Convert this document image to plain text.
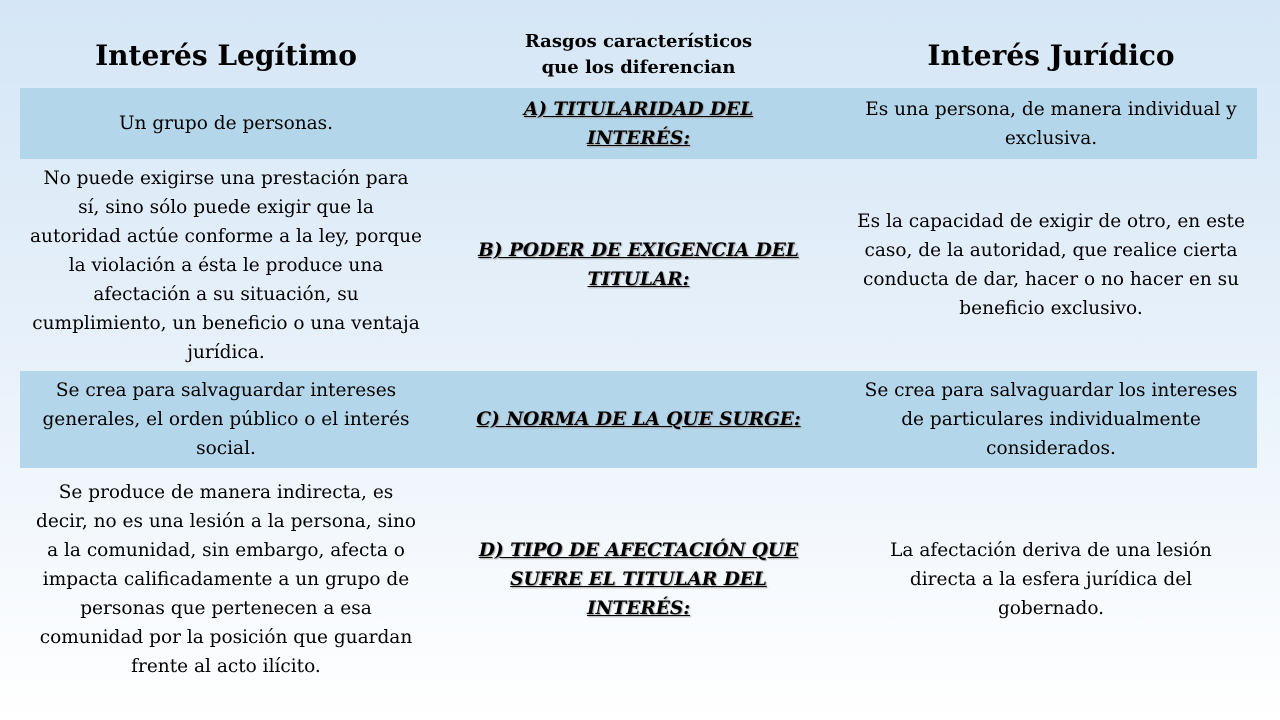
Interés Legítimo	Rasgos característicos
que los diferencian	Interés Jurídico
Un grupo de personas.
A) TITULARIDAD DEL INTERÉS:
Es una persona, de manera individual y exclusiva.
No puede exigirse una prestación para sí, sino sólo puede exigir que la autoridad actúe conforme a la ley, porque la violación a ésta le produce una afectación a su situación, su cumplimiento, un beneficio o una ventaja jurídica.
B) PODER DE EXIGENCIA DEL TITULAR:
Es la capacidad de exigir de otro, en este caso, de la autoridad, que realice cierta conducta de dar, hacer o no hacer en su beneficio exclusivo.
Se crea para salvaguardar intereses generales, el orden público o el interés social.
C) NORMA DE LA QUE SURGE:
Se crea para salvaguardar los intereses de particulares individualmente considerados.
Se produce de manera indirecta, es decir, no es una lesión a la persona, sino a la comunidad, sin embargo, afecta o impacta calificadamente a un grupo de personas que pertenecen a esa comunidad por la posición que guardan frente al acto ilícito.
D) TIPO DE AFECTACIÓN QUE SUFRE EL TITULAR DEL INTERÉS:
La afectación deriva de una lesión directa a la esfera jurídica del gobernado.
